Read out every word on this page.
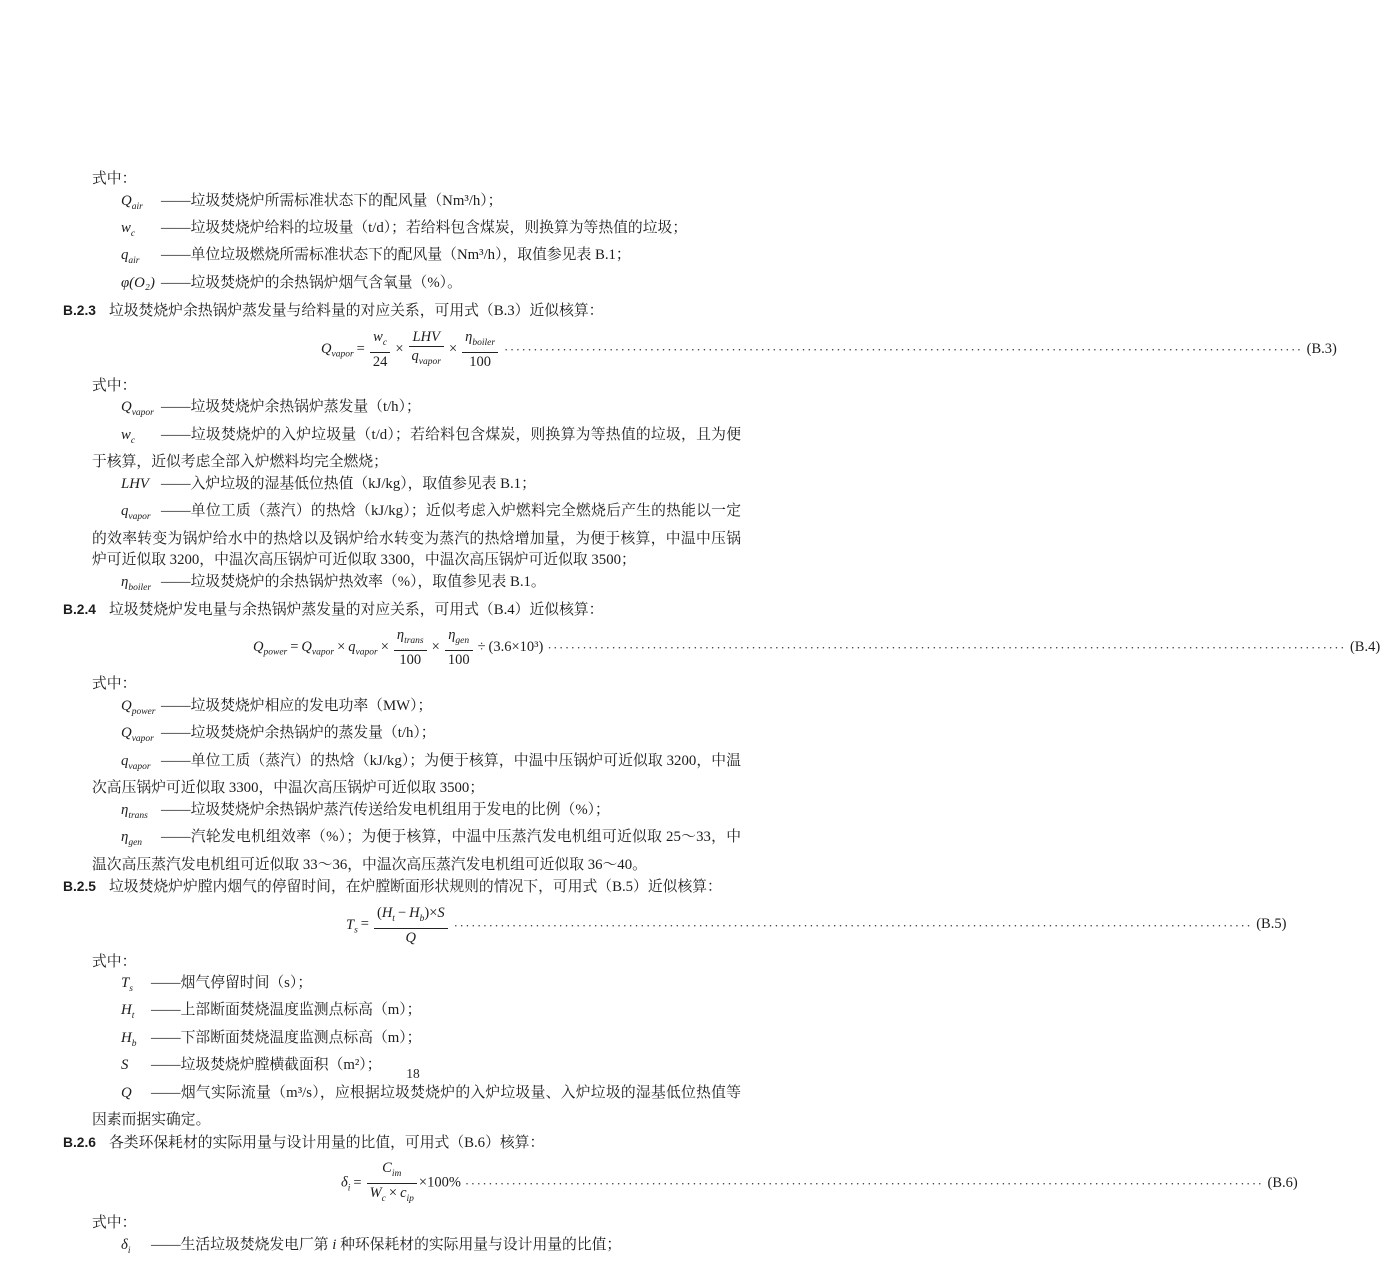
式中：

$Q_{air}$ ——垃圾焚烧炉所需标准状态下的配风量（Nm³/h）；

$w_c$ ——垃圾焚烧炉给料的垃圾量（t/d）；若给料包含煤炭，则换算为等热值的垃圾；

$q_{air}$ ——单位垃圾燃烧所需标准状态下的配风量（Nm³/h），取值参见表 B.1；

φ(O₂) ——垃圾焚烧炉的余热锅炉烟气含氧量（%）。

B.2.3 垃圾焚烧炉余热锅炉蒸发量与给料量的对应关系，可用式（B.3）近似核算：

$Q_{vapor} = \frac{w_c}{24} \times \frac{\text{LHV}}{q_{vapor}} \times \frac{\eta_{boiler}}{100}$ ·····	(B.3)

式中：

$Q_{vapor}$ ——垃圾焚烧炉余热锅炉蒸发量（t/h）；

$w_c$ ——垃圾焚烧炉的入炉垃圾量（t/d）；若给料包含煤炭，则换算为等热值的垃圾，且为便于核算，近似考虑全部入炉燃料均完全燃烧；

LHV ——入炉垃圾的湿基低位热值（kJ/kg），取值参见表 B.1；

$q_{vapor}$ ——单位工质（蒸汽）的热焓（kJ/kg）；近似考虑入炉燃料完全燃烧后产生的热能以一定的效率转变为锅炉给水中的热焓以及锅炉给水转变为蒸汽的热焓增加量，为便于核算，中温中压锅炉可近似取 3200，中温次高压锅炉可近似取 3300，中温次高压锅炉可近似取 3500；

$\eta_{boiler}$ ——垃圾焚烧炉的余热锅炉热效率（%），取值参见表 B.1。

B.2.4 垃圾焚烧炉发电量与余热锅炉蒸发量的对应关系，可用式（B.4）近似核算：

$Q_{power} = Q_{vapor} \times q_{vapor} \times \frac{\eta_{trans}}{100} \times \frac{\eta_{gen}}{100} \div (3.6\times 10^3)$ ·····	(B.4)

式中：

$Q_{power}$ ——垃圾焚烧炉相应的发电功率（MW）；

$Q_{vapor}$ ——垃圾焚烧炉余热锅炉的蒸发量（t/h）；

$q_{vapor}$ ——单位工质（蒸汽）的热焓（kJ/kg）；为便于核算，中温中压锅炉可近似取 3200，中温次高压锅炉可近似取 3300，中温次高压锅炉可近似取 3500；

$\eta_{trans}$ ——垃圾焚烧炉余热锅炉蒸汽传送给发电机组用于发电的比例（%）；

$\eta_{gen}$ ——汽轮发电机组效率（%）；为便于核算，中温中压蒸汽发电机组可近似取 25～33，中温次高压蒸汽发电机组可近似取 33～36，中温次高压蒸汽发电机组可近似取 36～40。

B.2.5 垃圾焚烧炉炉膛内烟气的停留时间，在炉膛断面形状规则的情况下，可用式（B.5）近似核算：

$T_s = \frac{(H_t - H_b)\times S}{Q}$ ·····	(B.5)

式中：

$T_s$ ——烟气停留时间（s）；

$H_t$ ——上部断面焚烧温度监测点标高（m）；

$H_b$ ——下部断面焚烧温度监测点标高（m）；

S ——垃圾焚烧炉膛横截面积（m²）；

Q ——烟气实际流量（m³/s），应根据垃圾焚烧炉的入炉垃圾量、入炉垃圾的湿基低位热值等因素而据实确定。

B.2.6 各类环保耗材的实际用量与设计用量的比值，可用式（B.6）核算：

$\delta_i = \frac{C_{im}}{W_c \times c_{ip}} \times 100\%$ ·····	(B.6)

式中：

$\delta_i$ ——生活垃圾焚烧发电厂第 i 种环保耗材的实际用量与设计用量的比值；

18
